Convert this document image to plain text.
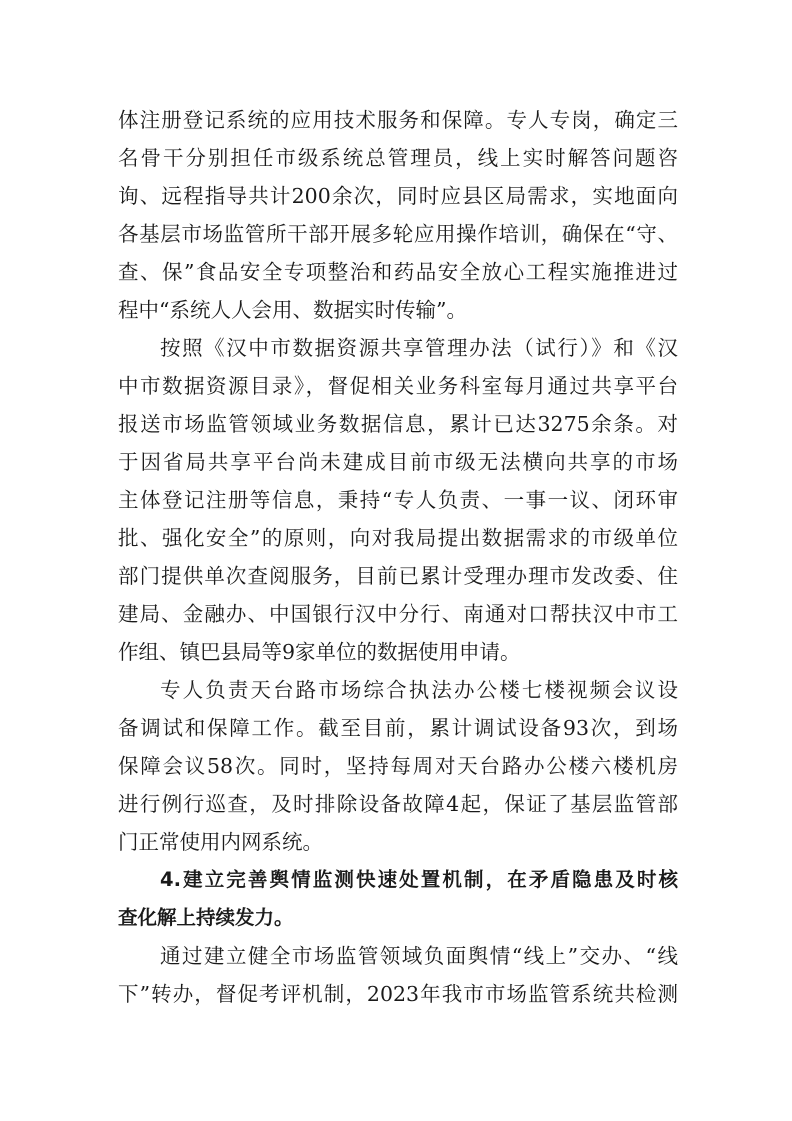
体注册登记系统的应用技术服务和保障。专人专岗，确定三
名骨干分别担任市级系统总管理员，线上实时解答问题咨
询、远程指导共计200余次，同时应县区局需求，实地面向
各基层市场监管所干部开展多轮应用操作培训，确保在“守、
查、保”食品安全专项整治和药品安全放心工程实施推进过
程中“系统人人会用、数据实时传输”。
按照《汉中市数据资源共享管理办法（试行）》和《汉
中市数据资源目录》，督促相关业务科室每月通过共享平台
报送市场监管领域业务数据信息，累计已达3275余条。对
于因省局共享平台尚未建成目前市级无法横向共享的市场
主体登记注册等信息，秉持“专人负责、一事一议、闭环审
批、强化安全”的原则，向对我局提出数据需求的市级单位
部门提供单次查阅服务，目前已累计受理办理市发改委、住
建局、金融办、中国银行汉中分行、南通对口帮扶汉中市工
作组、镇巴县局等9家单位的数据使用申请。
专人负责天台路市场综合执法办公楼七楼视频会议设
备调试和保障工作。截至目前，累计调试设备93次，到场
保障会议58次。同时，坚持每周对天台路办公楼六楼机房
进行例行巡查，及时排除设备故障4起，保证了基层监管部
门正常使用内网系统。
4.建立完善舆情监测快速处置机制，在矛盾隐患及时核
查化解上持续发力。
通过建立健全市场监管领域负面舆情“线上”交办、“线
下”转办，督促考评机制，2023年我市市场监管系统共检测
